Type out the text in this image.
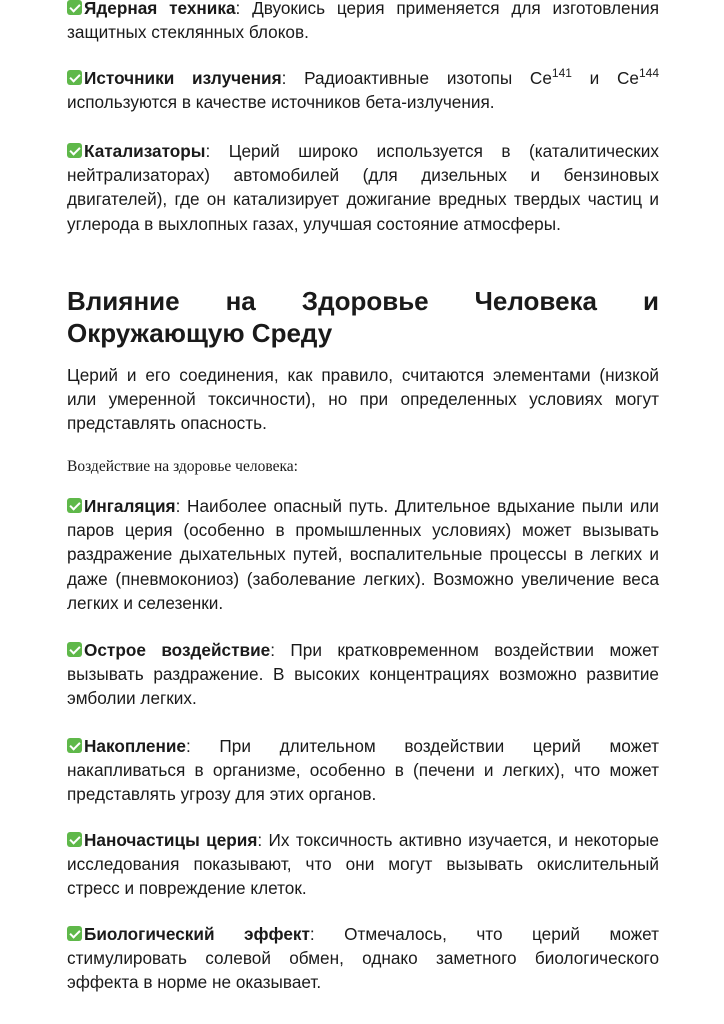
Ядерная техника: Двуокись церия применяется для изготовления защитных стеклянных блоков.

Источники излучения: Радиоактивные изотопы Ce$^{141}$ и Ce$^{144}$ используются в качестве источников бета-излучения.

Катализаторы: Церий широко используется в (каталитических нейтрализаторах) автомобилей (для дизельных и бензиновых двигателей), где он катализирует дожигание вредных твердых частиц и углерода в выхлопных газах, улучшая состояние атмосферы.

Влияние на Здоровье Человека и Окружающую Среду

Церий и его соединения, как правило, считаются элементами (низкой или умеренной токсичности), но при определенных условиях могут представлять опасность.

Воздействие на здоровье человека:

Ингаляция: Наиболее опасный путь. Длительное вдыхание пыли или паров церия (особенно в промышленных условиях) может вызывать раздражение дыхательных путей, воспалительные процессы в легких и даже (пневмокониоз) (заболевание легких). Возможно увеличение веса легких и селезенки.

Острое воздействие: При кратковременном воздействии может вызывать раздражение. В высоких концентрациях возможно развитие эмболии легких.

Накопление: При длительном воздействии церий может накапливаться в организме, особенно в (печени и легких), что может представлять угрозу для этих органов.

Наночастицы церия: Их токсичность активно изучается, и некоторые исследования показывают, что они могут вызывать окислительный стресс и повреждение клеток.

Биологический эффект: Отмечалось, что церий может стимулировать солевой обмен, однако заметного биологического эффекта в норме не оказывает.
